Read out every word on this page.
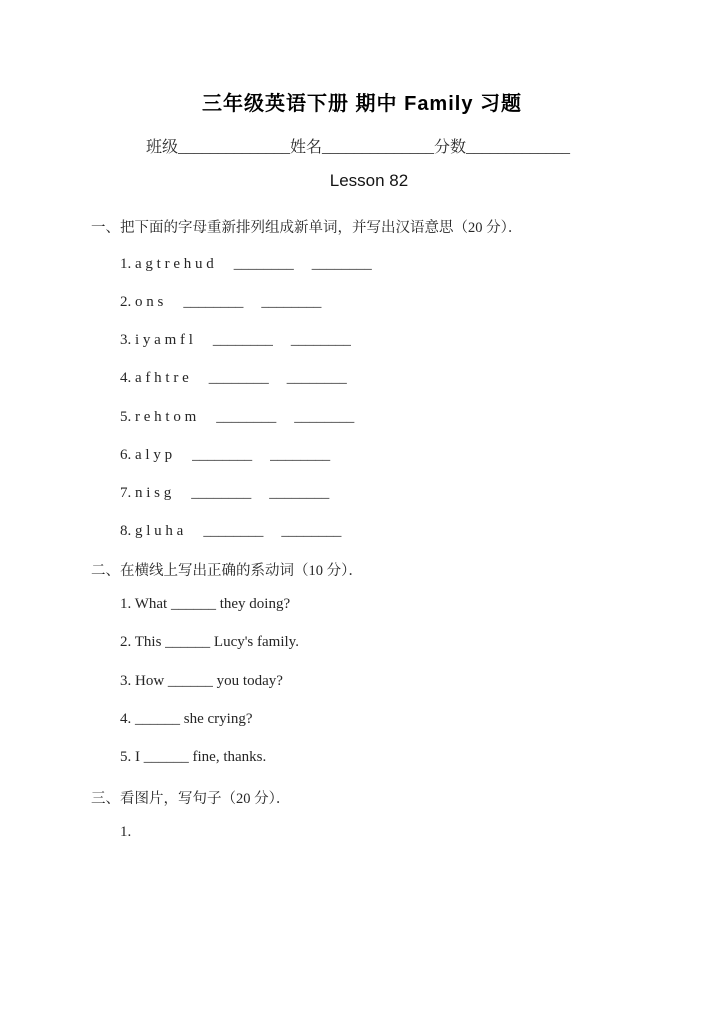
三年级英语下册 期中 Family 习题
班级______________姓名______________分数_____________
Lesson 82
一、把下面的字母重新排列组成新单词，并写出汉语意思（20 分）．
1. a g t r e h u d ________ ________
2. o n s ________ ________
3. i y a m f l ________ ________
4. a f h t r e ________ ________
5. r e h t o m ________ ________
6. a l y p ________ ________
7. n i s g ________ ________
8. g l u h a ________ ________
二、在横线上写出正确的系动词（10 分）．
1. What ______ they doing?
2. This ______ Lucy's family.
3. How ______ you today?
4. ______ she crying?
5. I ______ fine, thanks.
三、看图片，写句子（20 分）．
1.
